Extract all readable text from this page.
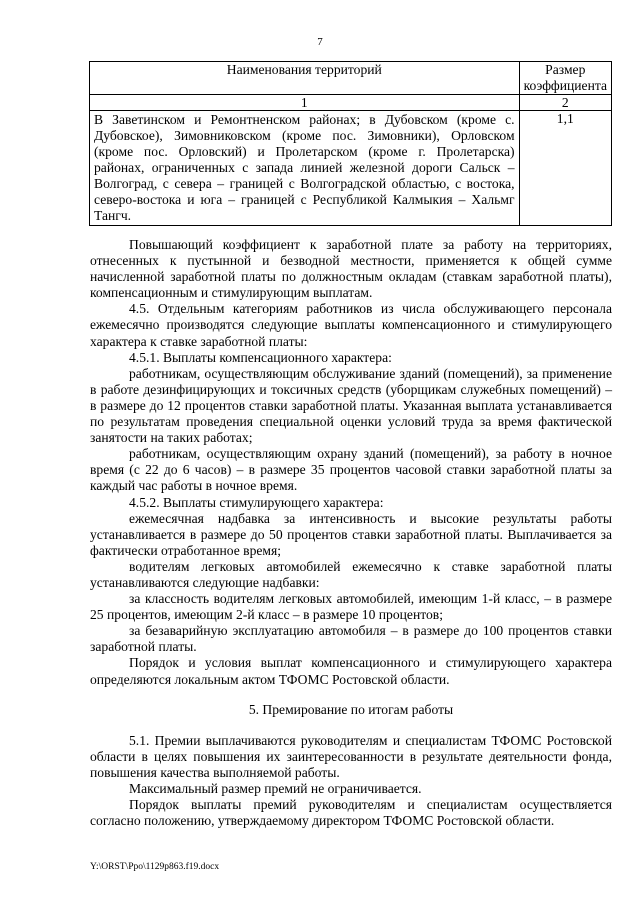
7
Наименования территорий	Размер коэффициента
1	2
В Заветинском и Ремонтненском районах; в Дубовском (кроме с. Дубовское), Зимовниковском (кроме пос. Зимовники), Орловском (кроме пос. Орловский) и Пролетарском (кроме г. Пролетарска) районах, ограниченных с запада линией железной дороги Сальск – Волгоград, с севера – границей с Волгоградской областью, с востока, северо-востока и юга – границей с Республикой Калмыкия – Хальмг Тангч.	1,1

Повышающий коэффициент к заработной плате за работу на территориях, отнесенных к пустынной и безводной местности, применяется к общей сумме начисленной заработной платы по должностным окладам (ставкам заработной платы), компенсационным и стимулирующим выплатам.

4.5. Отдельным категориям работников из числа обслуживающего персонала ежемесячно производятся следующие выплаты компенсационного и стимулирующего характера к ставке заработной платы:

4.5.1. Выплаты компенсационного характера:

работникам, осуществляющим обслуживание зданий (помещений), за применение в работе дезинфицирующих и токсичных средств (уборщикам служебных помещений) – в размере до 12 процентов ставки заработной платы. Указанная выплата устанавливается по результатам проведения специальной оценки условий труда за время фактической занятости на таких работах;

работникам, осуществляющим охрану зданий (помещений), за работу в ночное время (с 22 до 6 часов) – в размере 35 процентов часовой ставки заработной платы за каждый час работы в ночное время.

4.5.2. Выплаты стимулирующего характера:

ежемесячная надбавка за интенсивность и высокие результаты работы устанавливается в размере до 50 процентов ставки заработной платы. Выплачивается за фактически отработанное время;

водителям легковых автомобилей ежемесячно к ставке заработной платы устанавливаются следующие надбавки:

за классность водителям легковых автомобилей, имеющим 1-й класс, – в размере 25 процентов, имеющим 2-й класс – в размере 10 процентов;

за безаварийную эксплуатацию автомобиля – в размере до 100 процентов ставки заработной платы.

Порядок и условия выплат компенсационного и стимулирующего характера определяются локальным актом ТФОМС Ростовской области.

5. Премирование по итогам работы

5.1. Премии выплачиваются руководителям и специалистам ТФОМС Ростовской области в целях повышения их заинтересованности в результате деятельности фонда, повышения качества выполняемой работы.

Максимальный размер премий не ограничивается.

Порядок выплаты премий руководителям и специалистам осуществляется согласно положению, утверждаемому директором ТФОМС Ростовской области.

Y:\ORST\Ppo\1129p863.f19.docx
